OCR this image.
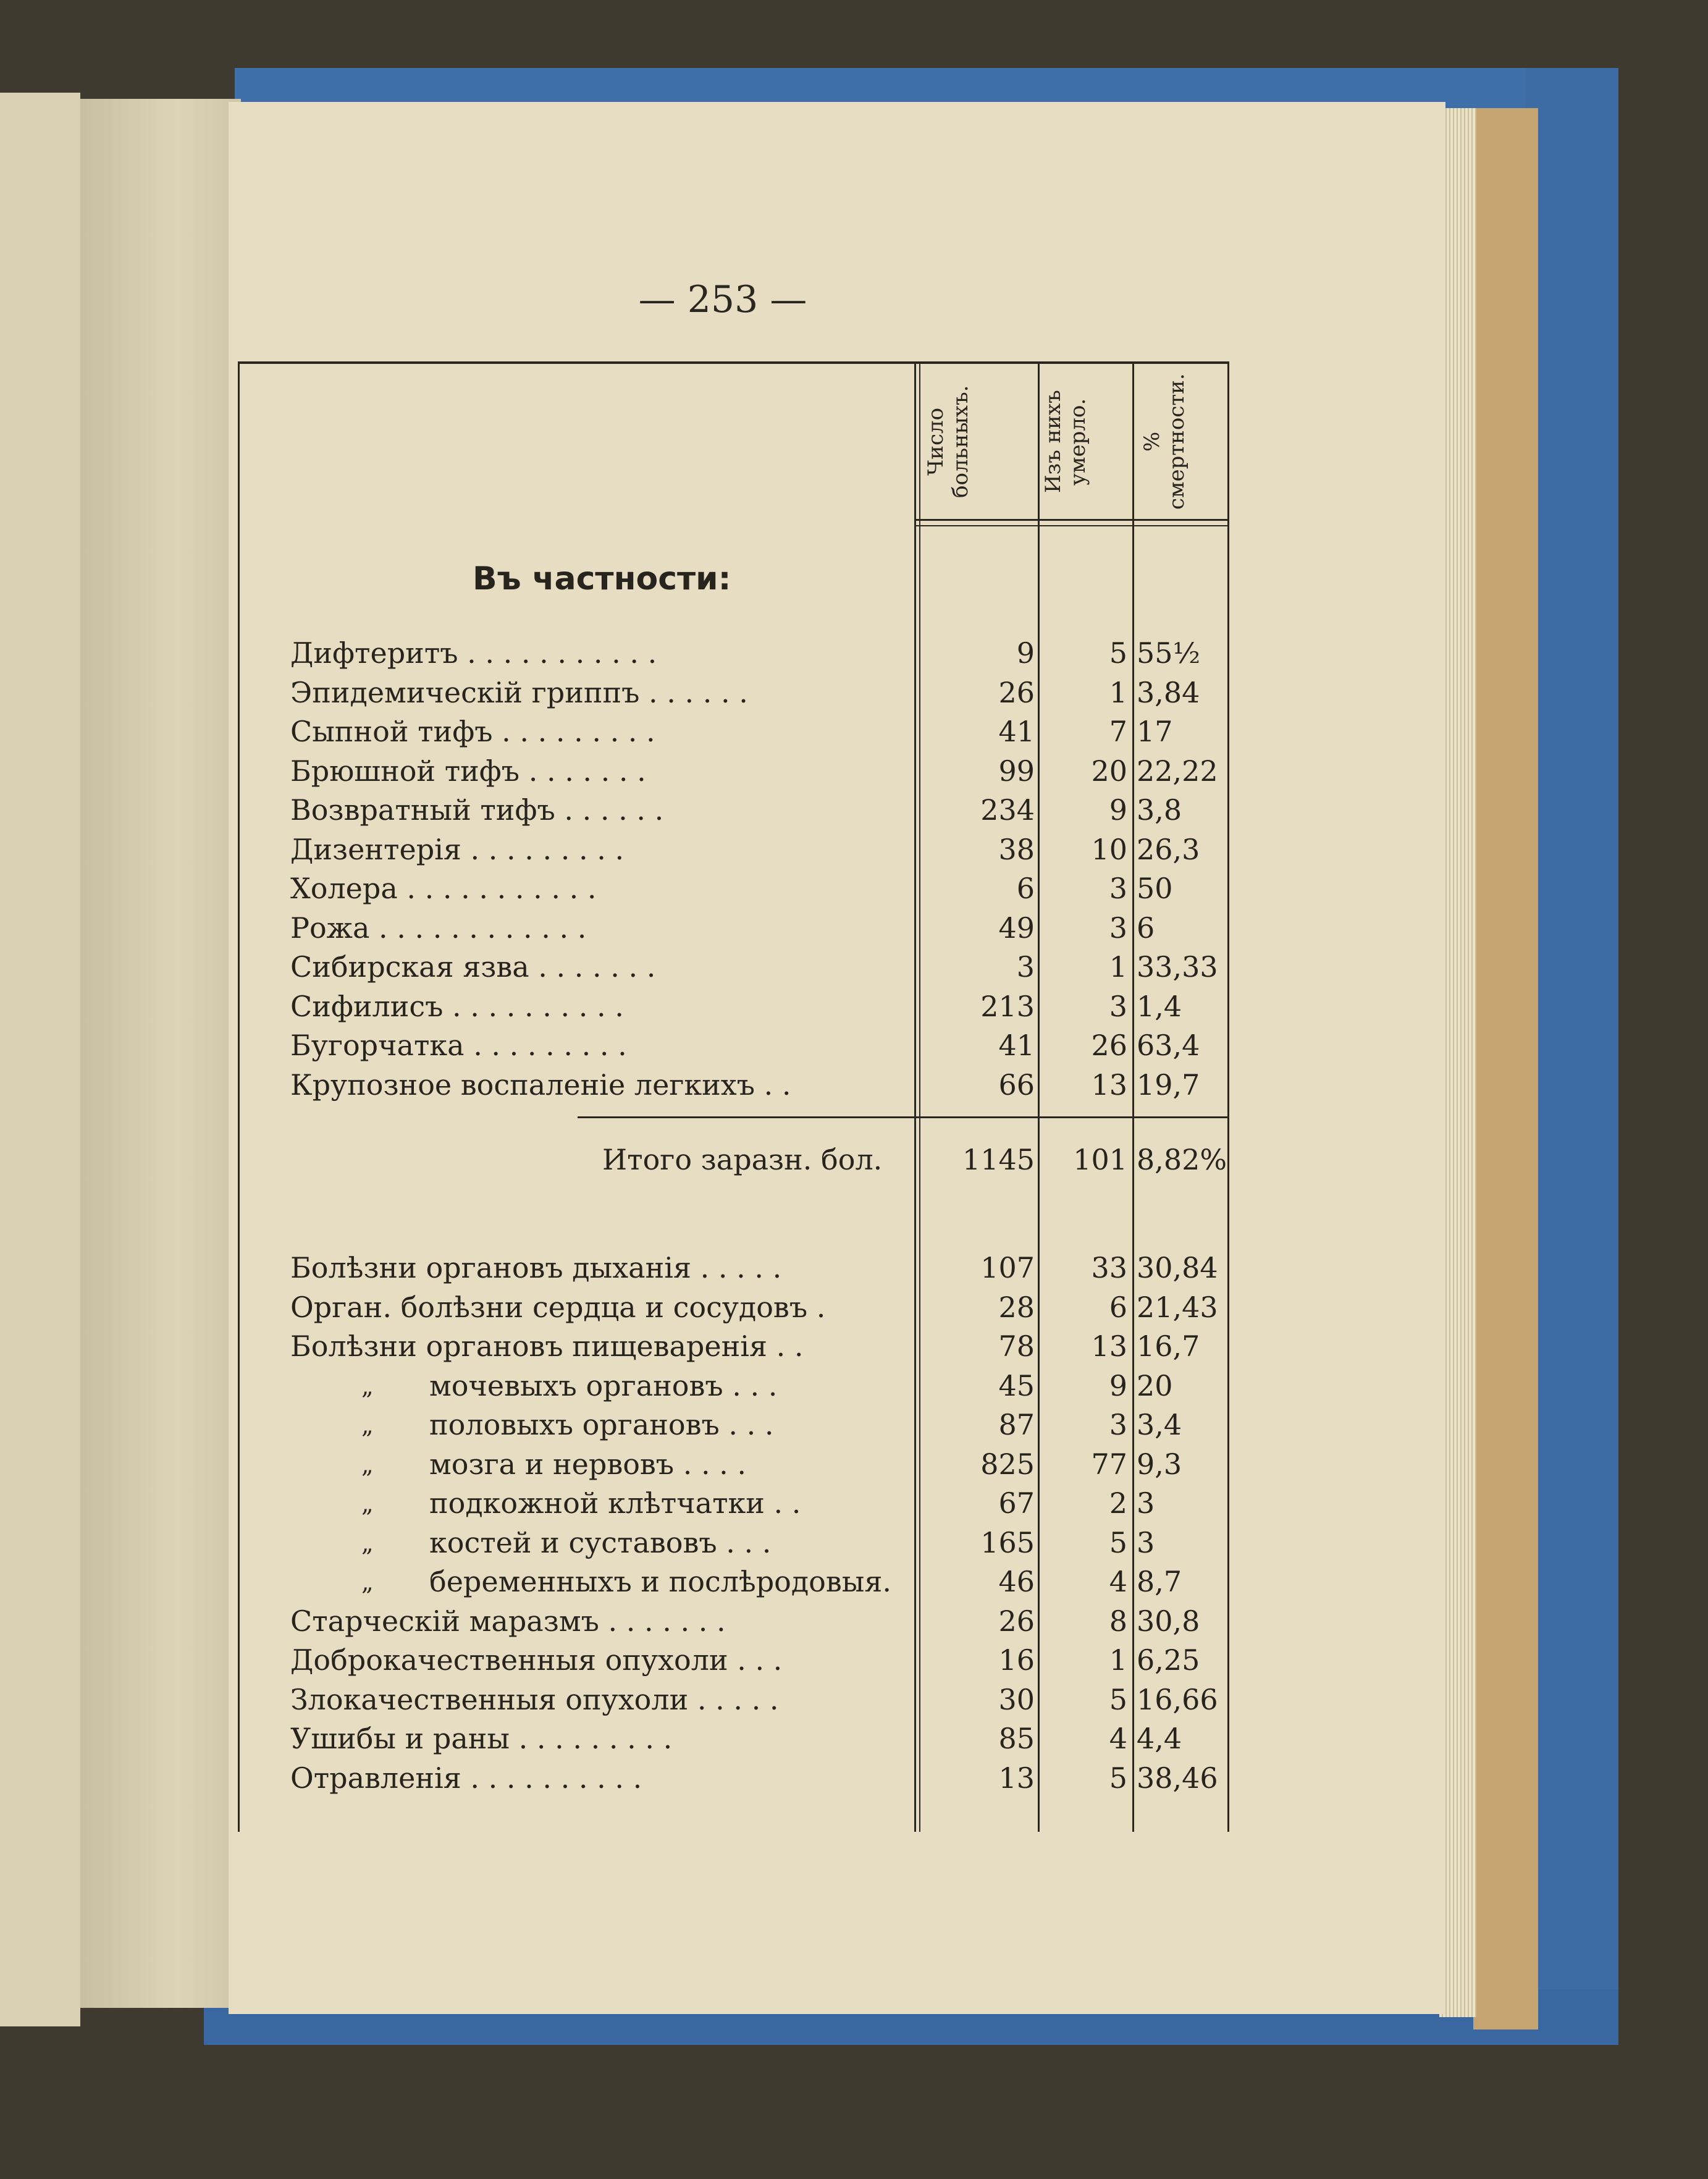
— 253 —
Число больныхъ.	Изъ нихъ умерло.	% смертности.
Въ частности:
Дифтеритъ . . . . . . . . . . .	9	5 55½
Эпидемическій гриппъ . . . . . .	26	1 3,84
Сыпной тифъ . . . . . . . . .	41	7 17
Брюшной тифъ . . . . . . .	99	20 22,22
Возвратный тифъ . . . . . .	234	9 3,8
Дизентерія . . . . . . . . .	38	10 26,3
Холера . . . . . . . . . . .	6	3 50
Рожа . . . . . . . . . . . .	49	3 6
Сибирская язва . . . . . . .	3	1 33,33
Сифилисъ . . . . . . . . . .	213	3 1,4
Бугорчатка . . . . . . . . .	41	26 63,4
Крупозное воспаленіе легкихъ . .	66	13 19,7
Итого заразн. бол.	1145	101 8,82%
Болѣзни органовъ дыханія . . . . .	107	33 30,84
Орган. болѣзни сердца и сосудовъ .	28	6 21,43
Болѣзни органовъ пищеваренія . .	78	13 16,7
„ мочевыхъ органовъ . . .	45	9 20
„ половыхъ органовъ . . .	87	3 3,4
„ мозга и нервовъ . . . .	825	77 9,3
„ подкожной клѣтчатки . .	67	2 3
„ костей и суставовъ . . .	165	5 3
„ беременныхъ и послѣродовыя.	46	4 8,7
Старческій маразмъ . . . . . . .	26	8 30,8
Доброкачественныя опухоли . . .	16	1 6,25
Злокачественныя опухоли . . . . .	30	5 16,66
Ушибы и раны . . . . . . . . .	85	4 4,4
Отравленія . . . . . . . . . .	13	5 38,46
